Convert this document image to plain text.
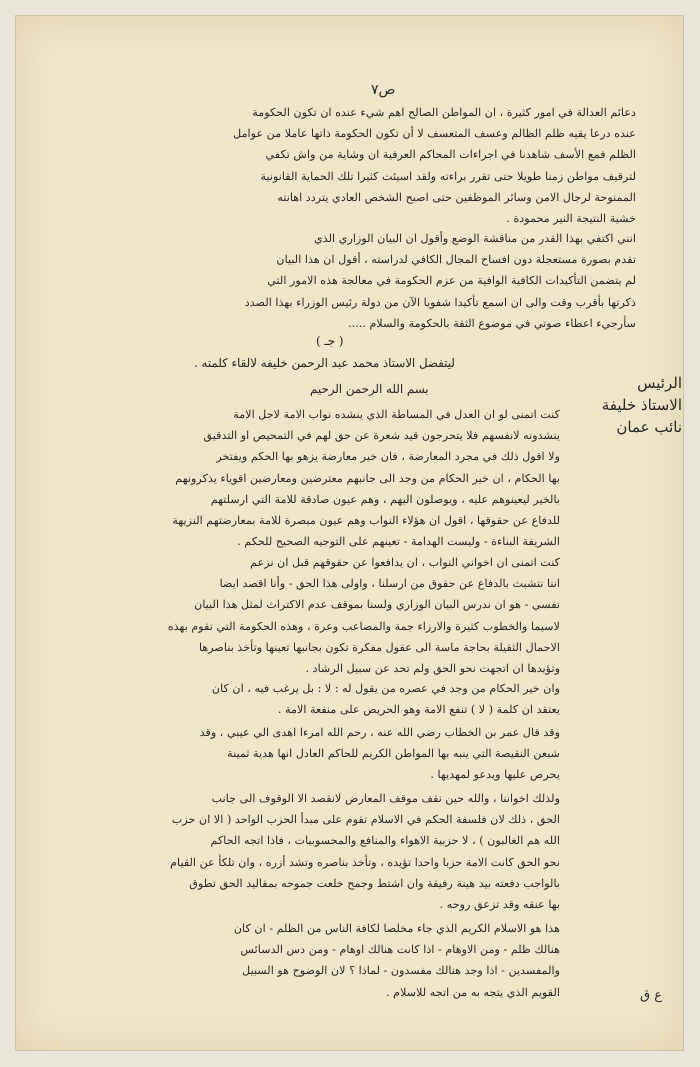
ص٧
دعائم العدالة في امور كثيرة ، ان المواطن الصالح اهم شيء عنده ان تكون الحكومة
عنده درعا يقيه ظلم الظالم وعسف المتعسف لا أن تكون الحكومة ذاتها عاملا من عوامل
الظلم فمع الأسف شاهدنا في اجراءات المحاكم العرفية ان وشاية من واش تكفي
لترقيف مواطن زمنا طويلا حتى تقرر براءته ولقد اسيئت كثيرا تلك الحماية القانونية
الممنوحة لرجال الامن وسائر الموظفين حتى اصبح الشخص العادي يتردد اهانته
خشية النتيجة النير محمودة .
انني اكتفي بهذا القدر من مناقشة الوضع وأقول ان البيان الوزاري الذي
تقدم بصورة مستعجلة دون افساح المجال الكافي لدراسته ، أقول ان هذا البيان
لم يتضمن التأكيدات الكافية الوافية من عزم الحكومة في معالجة هذه الامور التي
ذكرتها بأقرب وقت والى ان اسمع تأكيدا شفويا الآن من دولة رئيس الوزراء بهذا الصدد
سأرجيء اعطاء صوتي في موضوع الثقة بالحكومة والسلام .....
( جـ )
ليتفضل الاستاذ محمد عبد الرحمن خليفه لالقاء كلمته .
الرئيس
الاستاذ خليفة
نائب عمان
بسم الله الرحمن الرحيم
كنت اتمنى لو ان العدل في المساطة الذي ينشده نواب الامة لاجل الامة
ينشدونه لانفسهم فلا يتحرجون قيد شعرة عن حق لهم في التمحيص او التدقيق
ولا اقول ذلك في مجرد المعارضة ، فان خير معارضة يزهو بها الحكم ويفتخر
بها الحكام ، ان خير الحكام من وجد الى جانبهم معترضين ومعارضين اقوياء يذكرونهم
بالخير ليعينوهم عليه ، ويوصلون اليهم ، وهم عيون صادقة للامة التي ارسلتهم
للدفاع عن حقوقها ، اقول ان هؤلاء النواب وهم عيون مبصرة للامة بمعارضتهم النزيهة
الشريفة البناءة - وليست الهدامة - تعينهم على التوجيه الصحيح للحكم .
كنت اتمنى ان اخواني النواب ، ان يدافعوا عن حقوقهم قبل ان نزعم
اننا نتشبث بالدفاع عن حقوق من ارسلنا ، واولى هذا الحق - وأنا اقصد ايضا
نفسي - هو ان ندرس البيان الوزاري ولسنا بموقف عدم الاكتراث لمثل هذا البيان
لاسيما والخطوب كثيرة والارزاء جمة والمصاعب وعرة ، وهذه الحكومة التي تقوم بهذه
الاحمال الثقيلة بحاجة ماسة الى عقول مفكرة تكون بجانبها تعينها وتأخذ بناصرها
وتؤيدها ان اتجهت نحو الحق ولم تحد عن سبيل الرشاد .
وان خير الحكام من وجد في عصره من يقول له : لا : بل يرغب فيه ، ان كان
يعتقد ان كلمة ( لا ) تنفع الامة وهو الحريص على منفعة الامة .
وقد قال عمر بن الخطاب رضي الله عنه ، رحم الله امرءا اهدى الي عيبي ، وقد
شبعن النقيصة التي ينبه بها المواطن الكريم للحاكم العادل انها هدية ثمينة
يحرص عليها ويدعو لمهديها .
ولذلك اخواننا ، والله حين نقف موقف المعارض لانقصد الا الوقوف الى جانب
الحق ، ذلك لان فلسفة الحكم في الاسلام تقوم على مبدأ الحزب الواحد ( الا ان حزب
الله هم الغالبون ) ، لا حزبية الاهواء والمنافع والمحسوبيات ، فاذا اتجه الحاكم
نحو الحق كانت الامة حزبا واحدا تؤيده ، وتأخذ بناصره وتشد أزره ، وان تلكأ عن القيام
بالواجب دفعته بيد هينة رفيقة وان اشتط وجمح خلعت جموحه بمقاليد الحق تطوق
بها عنقه وقد تزعق روحه .
هذا هو الاسلام الكريم الذي جاء مخلصا لكافة الناس من الظلم - ان كان
هنالك ظلم - ومن الاوهام - اذا كانت هنالك اوهام - ومن دس الدسائس
والمفسدين - اذا وجد هنالك مفسدون - لماذا ؟ لان الوضوح هو السبيل
القويم الذي يتجه به من اتجه للاسلام .	ع ق
